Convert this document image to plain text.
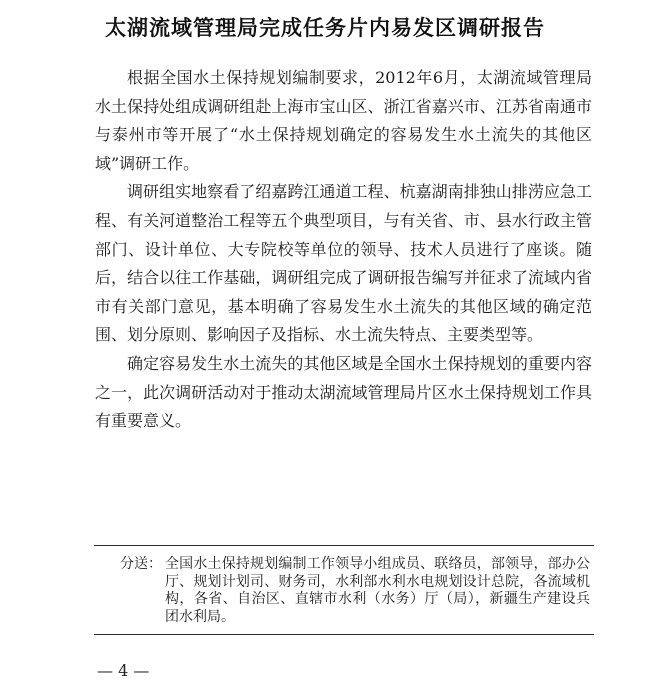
太湖流域管理局完成任务片内易发区调研报告

根据全国水土保持规划编制要求，2012年6月，太湖流域管理局水土保持处组成调研组赴上海市宝山区、浙江省嘉兴市、江苏省南通市与泰州市等开展了“水土保持规划确定的容易发生水土流失的其他区域”调研工作。

调研组实地察看了绍嘉跨江通道工程、杭嘉湖南排独山排涝应急工程、有关河道整治工程等五个典型项目，与有关省、市、县水行政主管部门、设计单位、大专院校等单位的领导、技术人员进行了座谈。随后，结合以往工作基础，调研组完成了调研报告编写并征求了流域内省市有关部门意见，基本明确了容易发生水土流失的其他区域的确定范围、划分原则、影响因子及指标、水土流失特点、主要类型等。

确定容易发生水土流失的其他区域是全国水土保持规划的重要内容之一，此次调研活动对于推动太湖流域管理局片区水土保持规划工作具有重要意义。

分送： 全国水土保持规划编制工作领导小组成员、联络员，部领导，部办公厅、规划计划司、财务司，水利部水利水电规划设计总院，各流域机构，各省、自治区、直辖市水利（水务）厅（局），新疆生产建设兵团水利局。

— 4 —
